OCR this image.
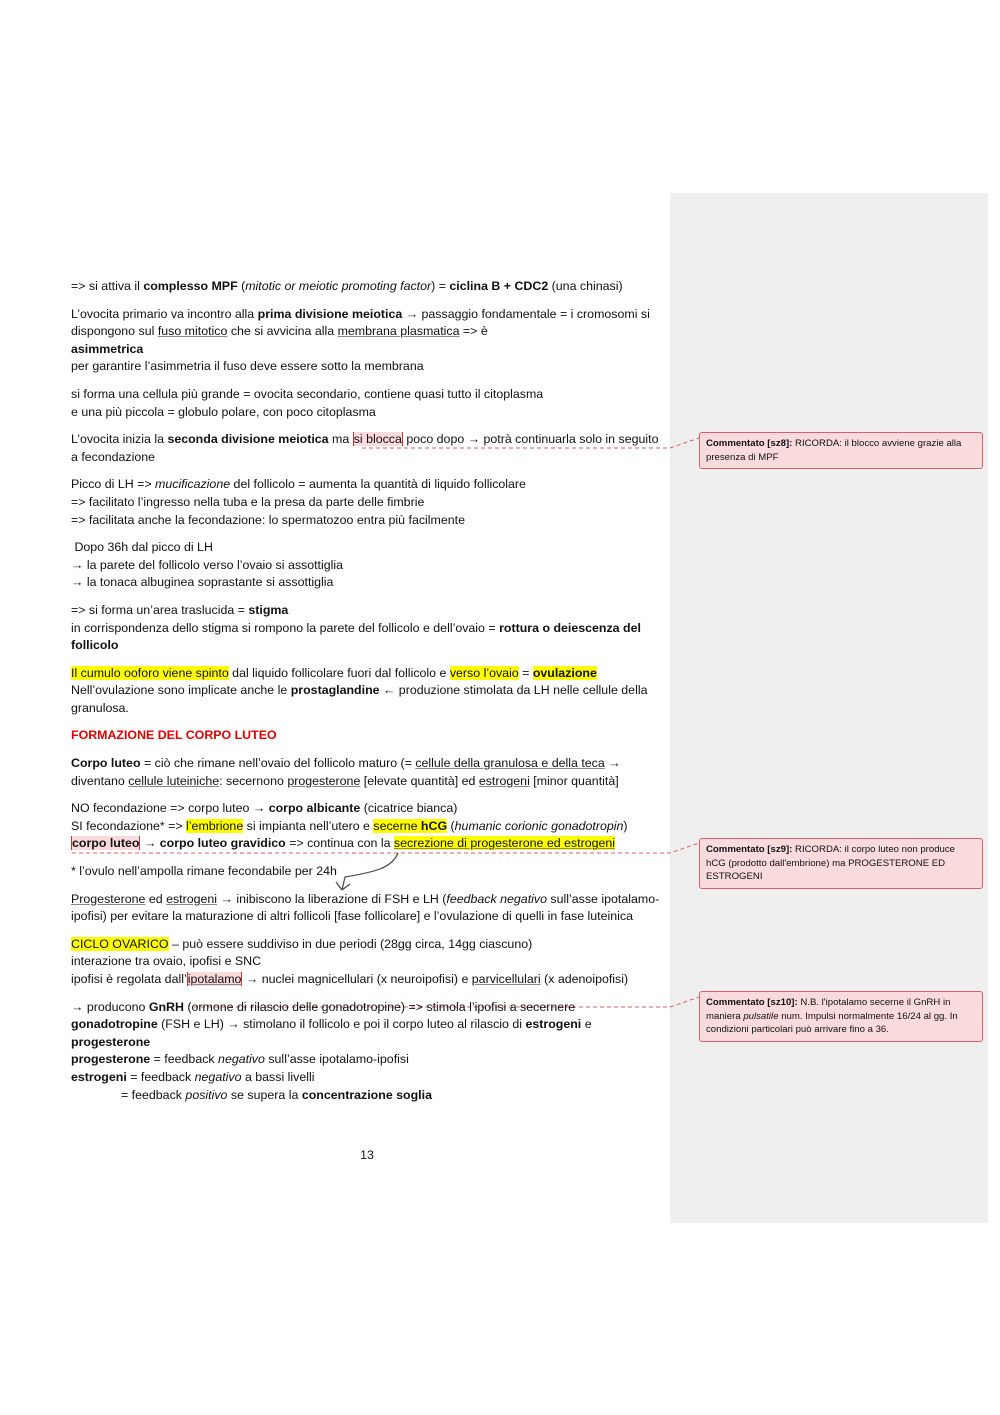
=> si attiva il complesso MPF (mitotic or meiotic promoting factor) = ciclina B + CDC2 (una chinasi)

L’ovocita primario va incontro alla prima divisione meiotica → passaggio fondamentale = i cromosomi si dispongono sul fuso mitotico che si avvicina alla membrana plasmatica => è
asimmetrica
per garantire l’asimmetria il fuso deve essere sotto la membrana

si forma una cellula più grande = ovocita secondario, contiene quasi tutto il citoplasma
e una più piccola = globulo polare, con poco citoplasma

L’ovocita inizia la seconda divisione meiotica ma si blocca poco dopo → potrà continuarla solo in seguito a fecondazione

Picco di LH => mucificazione del follicolo = aumenta la quantità di liquido follicolare
=> facilitato l’ingresso nella tuba e la presa da parte delle fimbrie
=> facilitata anche la fecondazione: lo spermatozoo entra più facilmente

Dopo 36h dal picco di LH
→ la parete del follicolo verso l’ovaio si assottiglia
→ la tonaca albuginea soprastante si assottiglia

=> si forma un’area traslucida = stigma
in corrispondenza dello stigma si rompono la parete del follicolo e dell’ovaio = rottura o deiescenza del follicolo

Il cumulo ooforo viene spinto dal liquido follicolare fuori dal follicolo e verso l’ovaio = ovulazione
Nell’ovulazione sono implicate anche le prostaglandine ← produzione stimolata da LH nelle cellule della granulosa.

FORMAZIONE DEL CORPO LUTEO

Corpo luteo = ciò che rimane nell’ovaio del follicolo maturo (= cellule della granulosa e della teca → diventano cellule luteiniche: secernono progesterone [elevate quantità] ed estrogeni [minor quantità]

NO fecondazione => corpo luteo → corpo albicante (cicatrice bianca)
SI fecondazione* => l’embrione si impianta nell’utero e secerne hCG (humanic corionic gonadotropin)
corpo luteo → corpo luteo gravidico => continua con la secrezione di progesterone ed estrogeni

* l’ovulo nell’ampolla rimane fecondabile per 24h

Progesterone ed estrogeni → inibiscono la liberazione di FSH e LH (feedback negativo sull’asse ipotalamo-ipofisi) per evitare la maturazione di altri follicoli [fase follicolare] e l’ovulazione di quelli in fase luteinica

CICLO OVARICO – può essere suddiviso in due periodi (28gg circa, 14gg ciascuno)
interazione tra ovaio, ipofisi e SNC
ipofisi è regolata dall’ipotalamo → nuclei magnicellulari (x neuroipofisi) e parvicellulari (x adenoipofisi)

→ producono GnRH (ormone di rilascio delle gonadotropine) => stimola l’ipofisi a secernere gonadotropine (FSH e LH) → stimolano il follicolo e poi il corpo luteo al rilascio di estrogeni e progesterone
progesterone = feedback negativo sull’asse ipotalamo-ipofisi
estrogeni = feedback negativo a bassi livelli
= feedback positivo se supera la concentrazione soglia

13
Commentato [sz8]: RICORDA: il blocco avviene grazie alla presenza di MPF
Commentato [sz9]: RICORDA: il corpo luteo non produce hCG (prodotto dall'embrione) ma PROGESTERONE ED ESTROGENI
Commentato [sz10]: N.B. l'ipotalamo secerne il GnRH in maniera pulsatile num. Impulsi normalmente 16/24 al gg. In condizioni particolari può arrivare fino a 36.
